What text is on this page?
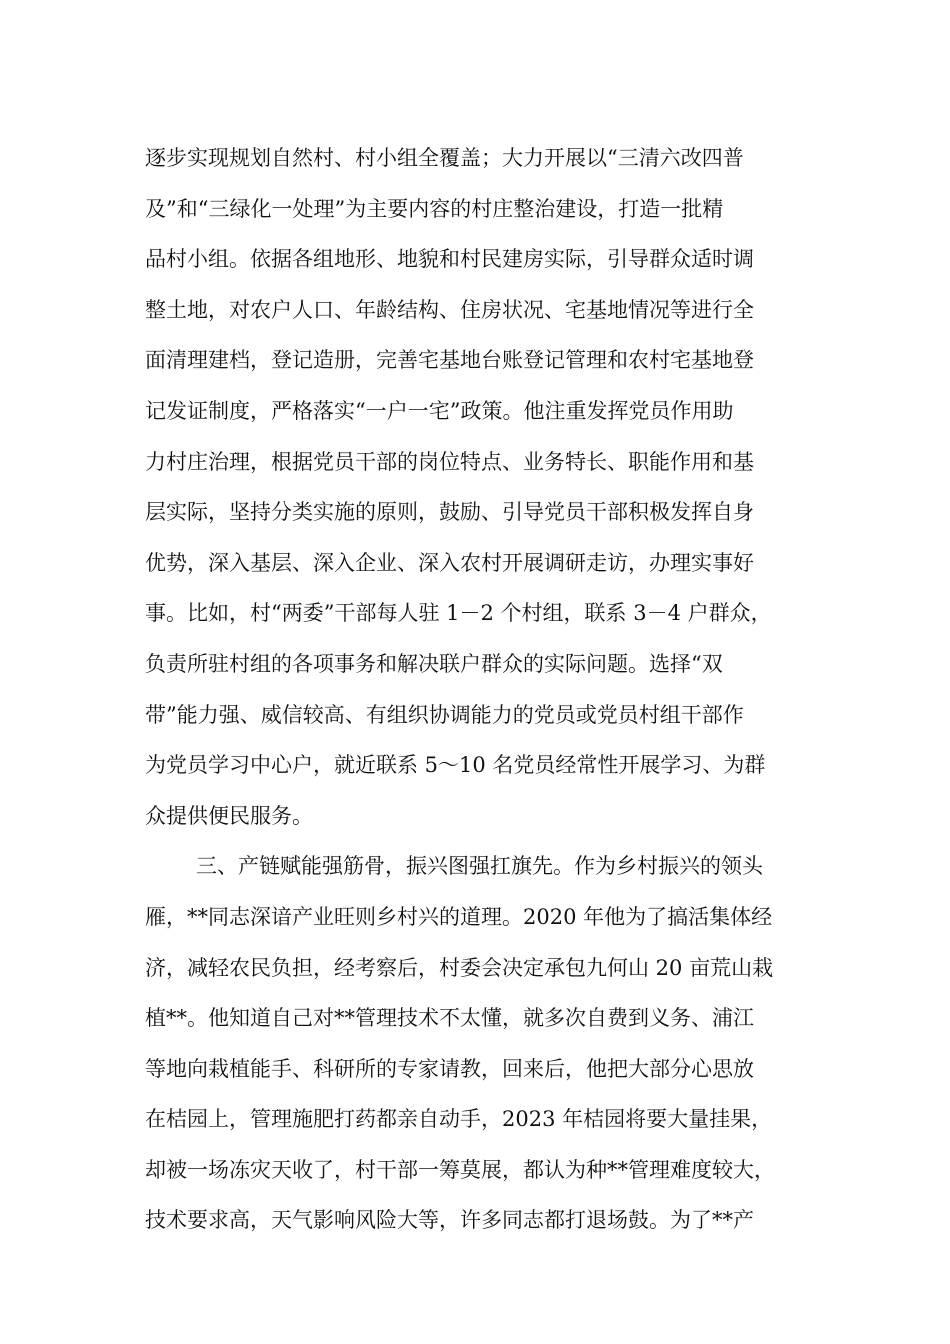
逐步实现规划自然村、村小组全覆盖；大力开展以“三清六改四普
及”和“三绿化一处理”为主要内容的村庄整治建设，打造一批精
品村小组。依据各组地形、地貌和村民建房实际，引导群众适时调
整土地，对农户人口、年龄结构、住房状况、宅基地情况等进行全
面清理建档，登记造册，完善宅基地台账登记管理和农村宅基地登
记发证制度，严格落实“一户一宅”政策。他注重发挥党员作用助
力村庄治理，根据党员干部的岗位特点、业务特长、职能作用和基
层实际，坚持分类实施的原则，鼓励、引导党员干部积极发挥自身
优势，深入基层、深入企业、深入农村开展调研走访，办理实事好
事。比如，村“两委”干部每人驻 1－2 个村组，联系 3－4 户群众，
负责所驻村组的各项事务和解决联户群众的实际问题。选择“双
带”能力强、威信较高、有组织协调能力的党员或党员村组干部作
为党员学习中心户，就近联系 5～10 名党员经常性开展学习、为群
众提供便民服务。
三、产链赋能强筋骨，振兴图强扛旗先。作为乡村振兴的领头
雁，**同志深谙产业旺则乡村兴的道理。2020 年他为了搞活集体经
济，减轻农民负担，经考察后，村委会决定承包九何山 20 亩荒山栽
植**。他知道自己对**管理技术不太懂，就多次自费到义务、浦江
等地向栽植能手、科研所的专家请教，回来后，他把大部分心思放
在桔园上，管理施肥打药都亲自动手，2023 年桔园将要大量挂果，
却被一场冻灾天收了，村干部一筹莫展，都认为种**管理难度较大，
技术要求高，天气影响风险大等，许多同志都打退场鼓。为了**产
